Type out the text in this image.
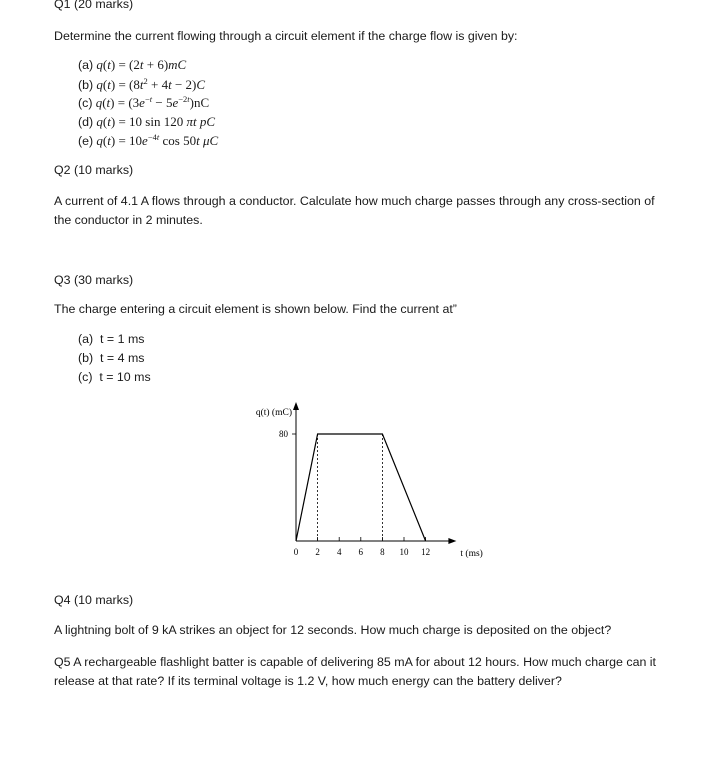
Q1 (20 marks)
Determine the current flowing through a circuit element if the charge flow is given by:
(a) q(t) = (2t + 6)mC
(b) $q(t) = (8t^2 + 4t - 2)C$
(c) $q(t) = (3e^{-t} - 5e^{-2t})nC$
(d) q(t) = 10 sin 120 πt pC
(e) $q(t) = 10e^{-4t}$ cos 50t μC
Q2 (10 marks)
A current of 4.1 A flows through a conductor. Calculate how much charge passes through any cross-section of the conductor in 2 minutes.
Q3 (30 marks)
The charge entering a circuit element is shown below. Find the current at”
(a) t = 1 ms
(b) t = 4 ms
(c) t = 10 ms
0 2 4 6 8 10 12
80
q(t) (mC)
t (ms)
Q4 (10 marks)
A lightning bolt of 9 kA strikes an object for 12 seconds. How much charge is deposited on the object?
Q5 A rechargeable flashlight batter is capable of delivering 85 mA for about 12 hours. How much charge can it release at that rate? If its terminal voltage is 1.2 V, how much energy can the battery deliver?
